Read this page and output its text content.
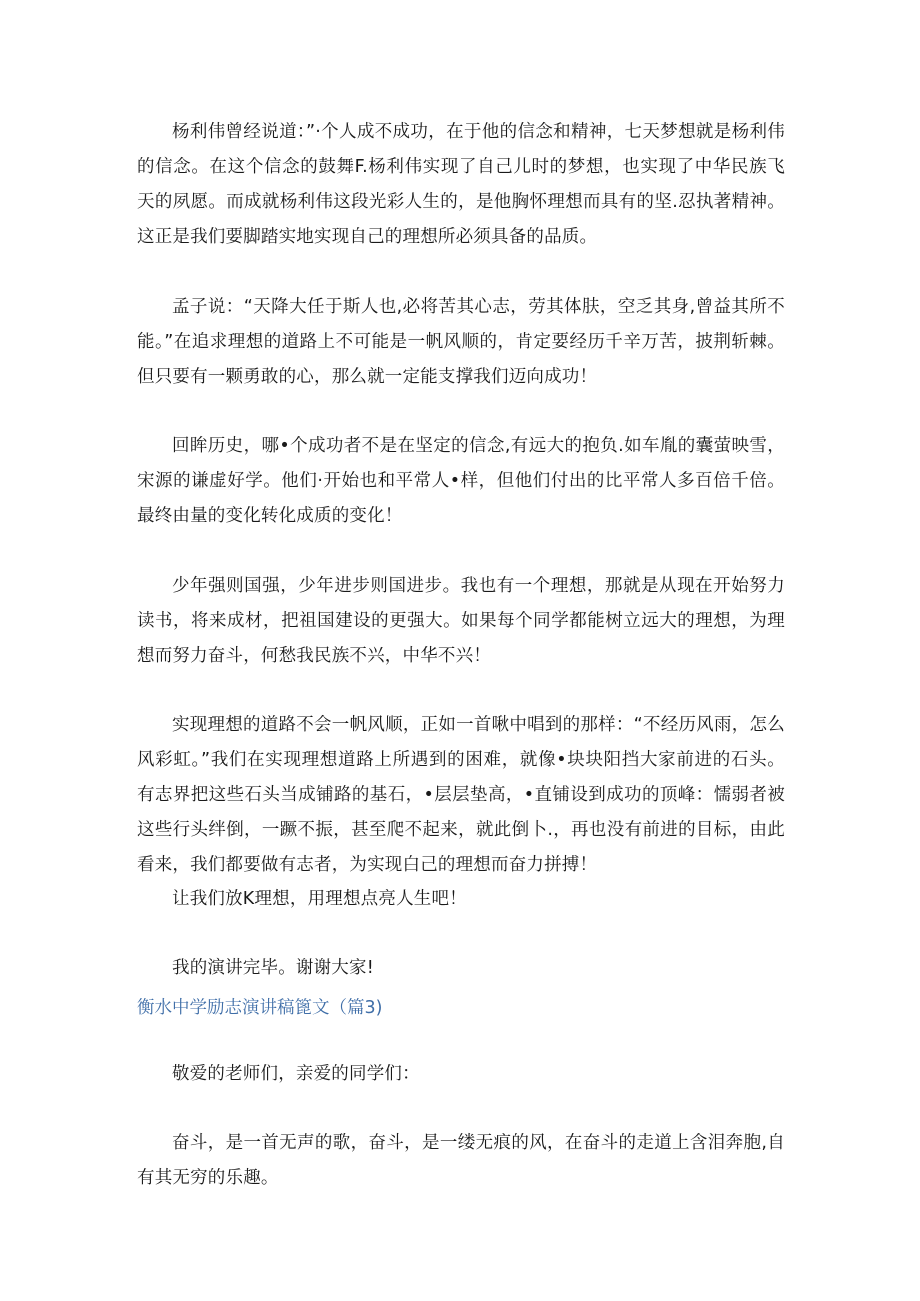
杨利伟曾经说道：”·个人成不成功，在于他的信念和精神，七天梦想就是杨利伟的信念。在这个信念的鼓舞F.杨利伟实现了自己儿时的梦想，也实现了中华民族飞天的夙愿。而成就杨利伟这段光彩人生的，是他胸怀理想而具有的坚.忍执著精神。这正是我们要脚踏实地实现自己的理想所必须具备的品质。

孟子说：“天降大任于斯人也,必将苦其心志，劳其体肤，空乏其身,曾益其所不能。”在追求理想的道路上不可能是一帆风顺的，肯定要经历千辛万苦，披荆斩棘。但只要有一颗勇敢的心，那么就一定能支撑我们迈向成功！

回眸历史，哪•个成功者不是在坚定的信念,有远大的抱负.如车胤的囊萤映雪，宋源的谦虚好学。他们·开始也和平常人•样，但他们付出的比平常人多百倍千倍。最终由量的变化转化成质的变化！

少年强则国强，少年进步则国进步。我也有一个理想，那就是从现在开始努力读书，将来成材，把祖国建设的更强大。如果每个同学都能树立远大的理想，为理想而努力奋斗，何愁我民族不兴，中华不兴！

实现理想的道路不会一帆风顺，正如一首啾中唱到的那样：“不经历风雨，怎么风彩虹。”我们在实现理想道路上所遇到的困难，就像•块块阳挡大家前进的石头。有志界把这些石头当成铺路的基石，•层层垫高，•直铺设到成功的顶峰：懦弱者被这些行头绊倒，一蹶不振，甚至爬不起来，就此倒卜.，再也没有前进的目标，由此看来，我们都要做有志者，为实现白己的理想而奋力拼搏！

让我们放K理想，用理想点亮人生吧！

我的演讲完毕。谢谢大家!

衡水中学励志演讲稿篦文（篇3)

敬爱的老师们，亲爱的同学们：

奋斗，是一首无声的歌，奋斗，是一缕无痕的风，在奋斗的走道上含泪奔胞,自有其无穷的乐趣。
